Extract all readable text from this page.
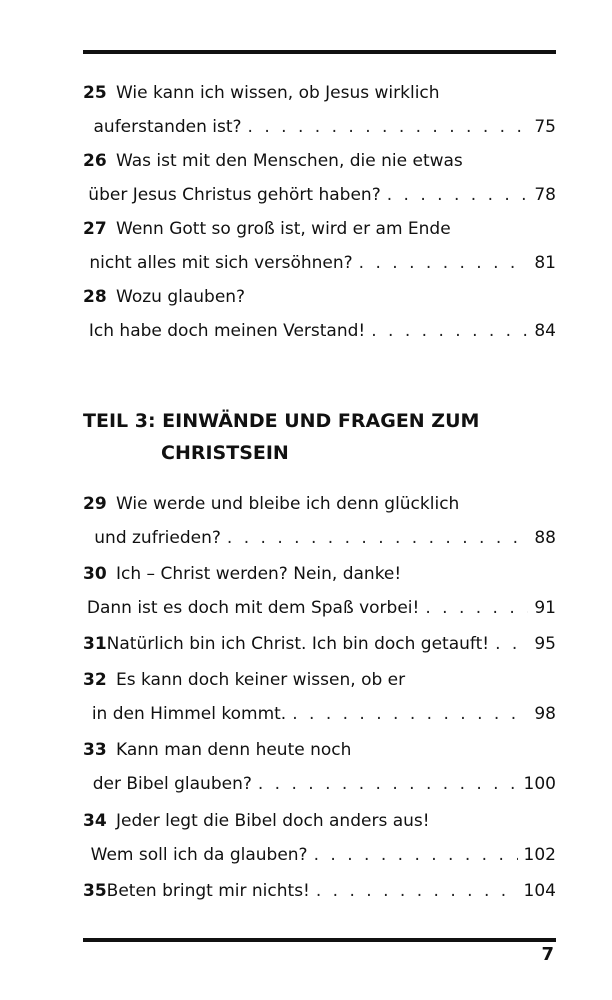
25 Wie kann ich wissen, ob Jesus wirklich
auferstanden ist? . . .	75
26 Was ist mit den Menschen, die nie etwas
über Jesus Christus gehört haben? . . .	78
27 Wenn Gott so groß ist, wird er am Ende
nicht alles mit sich versöhnen? . . .	81
28 Wozu glauben?
Ich habe doch meinen Verstand! . . .	84
TEIL 3: EINWÄNDE UND FRAGEN ZUM
CHRISTSEIN
29 Wie werde und bleibe ich denn glücklich
und zufrieden? . . .	88
30 Ich – Christ werden? Nein, danke!
Dann ist es doch mit dem Spaß vorbei! . . .	91
31 Natürlich bin ich Christ. Ich bin doch getauft! . . .	95
32 Es kann doch keiner wissen, ob er
in den Himmel kommt. . . .	98
33 Kann man denn heute noch
der Bibel glauben? . . .	100
34 Jeder legt die Bibel doch anders aus!
Wem soll ich da glauben? . . .	102
35 Beten bringt mir nichts! . . .	104
7
